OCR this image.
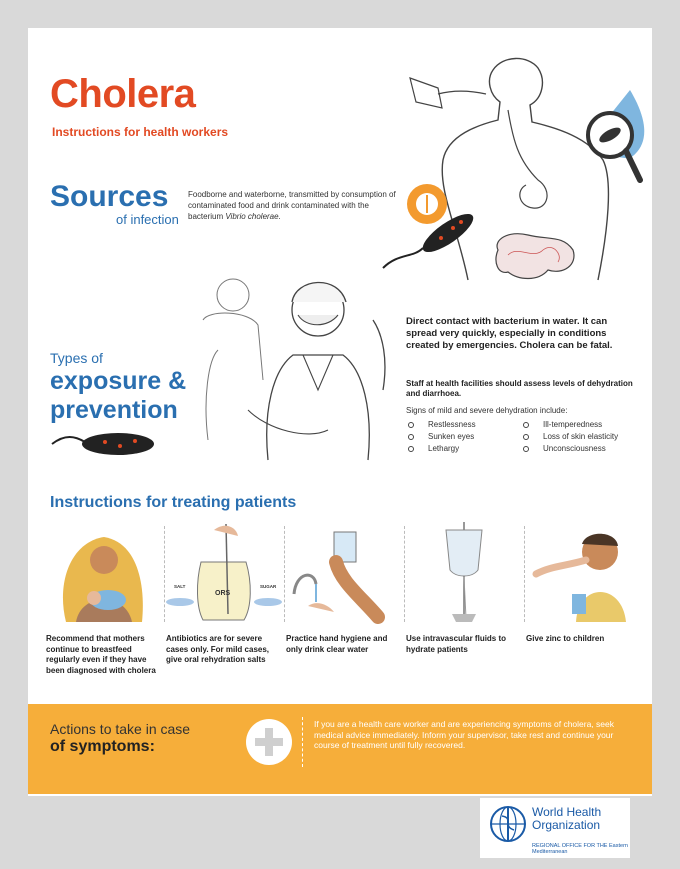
Cholera
Instructions for health workers
Sources
of infection
Foodborne and waterborne, transmitted by consumption of contaminated food and drink contaminated with the bacterium Vibrio cholerae.
Types of
exposure &
prevention
Direct contact with bacterium in water. It can spread very quickly, especially in conditions created by emergencies. Cholera can be fatal.
Staff at health facilities should assess levels of dehydration and diarrhoea.
Signs of mild and severe dehydration include:
Restlessness	Ill-temperedness
Sunken eyes	Loss of skin elasticity
Lethargy	Unconsciousness
Instructions for treating patients
Recommend that mothers continue to breastfeed regularly even if they have been diagnosed with cholera
SALT
ORS
SUGAR
Antibiotics are for severe cases only. For mild cases, give oral rehydration salts
Practice hand hygiene and only drink clear water
Use intravascular fluids to hydrate patients
Give zinc to children
Actions to take in case
of symptoms:
If you are a health care worker and are experiencing symptoms of cholera, seek medical advice immediately. Inform your supervisor, take rest and continue your course of treatment until fully recovered.
World Health Organization
REGIONAL OFFICE FOR THE Eastern Mediterranean
